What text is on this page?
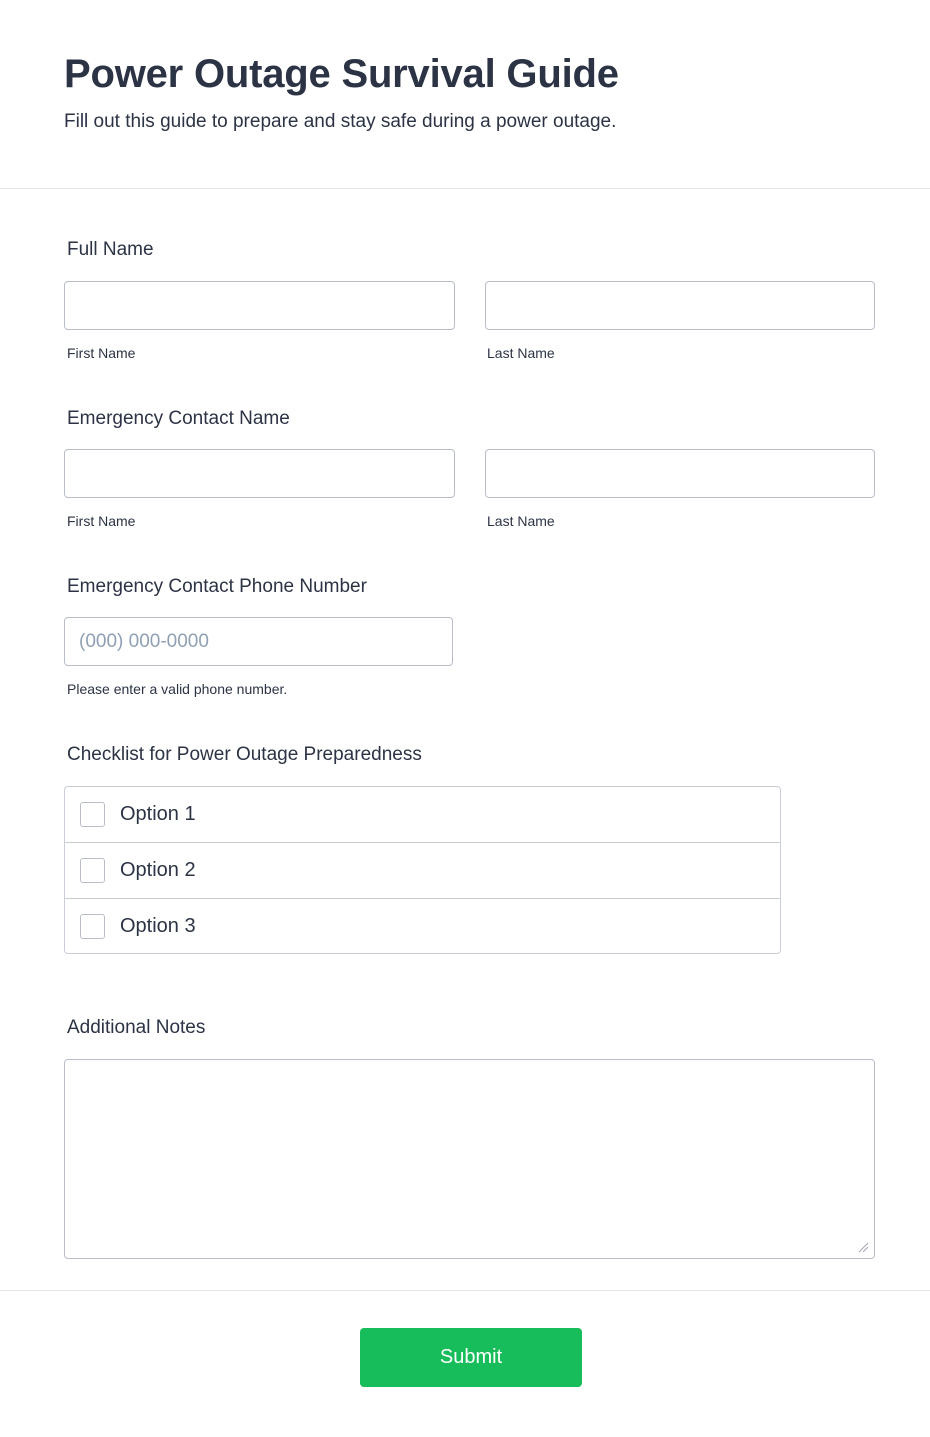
Power Outage Survival Guide

Fill out this guide to prepare and stay safe during a power outage.

Full Name
First Name	Last Name
Emergency Contact Name
First Name	Last Name
Emergency Contact Phone Number
(000) 000-0000
Please enter a valid phone number.
Checklist for Power Outage Preparedness
Option 1
Option 2
Option 3
Additional Notes
Submit
